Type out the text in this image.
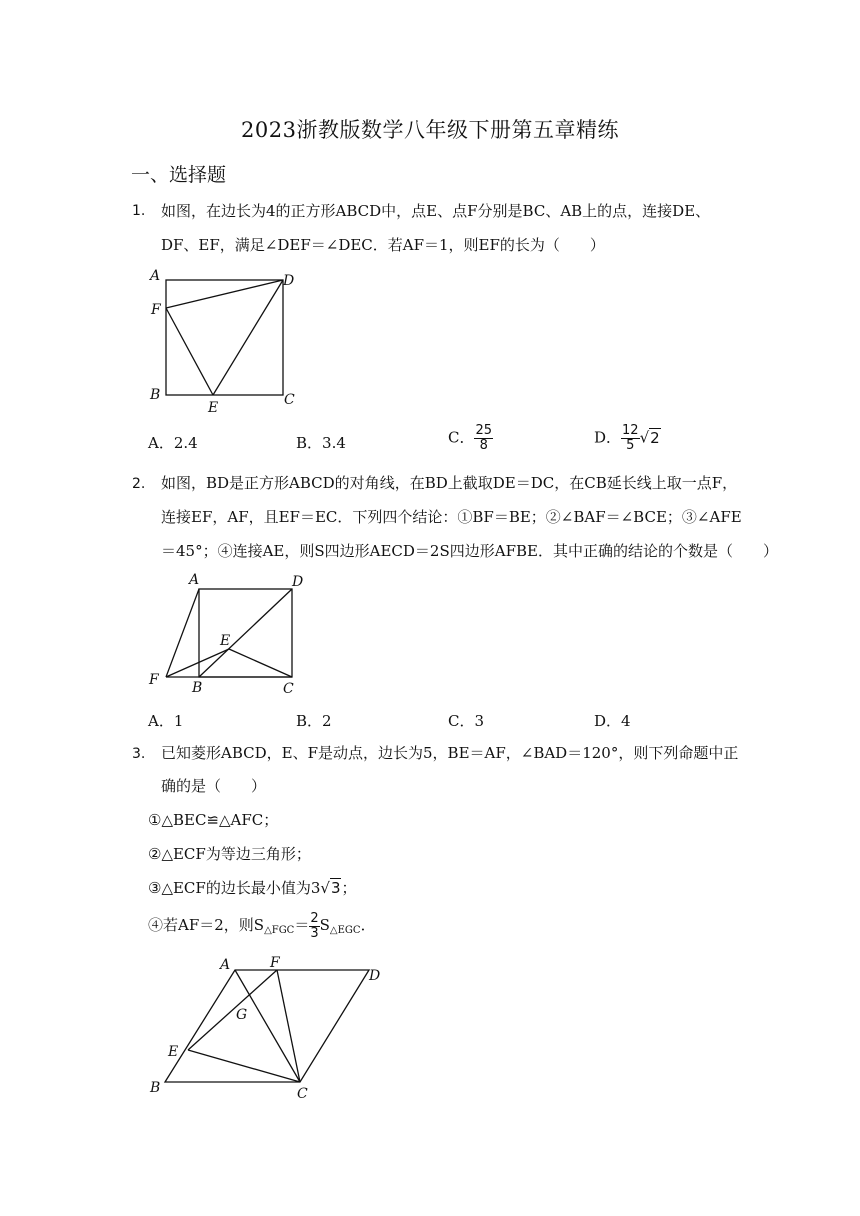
2023浙教版数学八年级下册第五章精练
一、选择题
1. 如图，在边长为4的正方形ABCD中，点E、点F分别是BC、AB上的点，连接DE、
DF、EF，满足∠DEF＝∠DEC．若AF＝1，则EF的长为（　　）
A	D
F
B	C
E
A．2.4	B．3.4	C． $\frac{25}{8}$	D． $\frac{12}{5} √2$
2. 如图，BD是正方形ABCD的对角线，在BD上截取DE＝DC，在CB延长线上取一点F，
连接EF，AF，且EF＝EC．下列四个结论：①BF＝BE；②∠BAF＝∠BCE；③∠AFE
＝45°；④连接AE，则S四边形AECD＝2S四边形AFBE．其中正确的结论的个数是（　　）
A	D
E
F B	C
A．1	B．2	C．3	D．4
3. 已知菱形ABCD，E、F是动点，边长为5，BE＝AF，∠BAD＝120°，则下列命题中正
确的是（　　）
①△BEC≌△AFC；
②△ECF为等边三角形；
③△ECF的边长最小值为3√3；
④若AF＝2，则$S_{\triangle FGC}= \frac{2}{3} S_{\triangle EGC}$．
A	F
D
G
E
B	C
